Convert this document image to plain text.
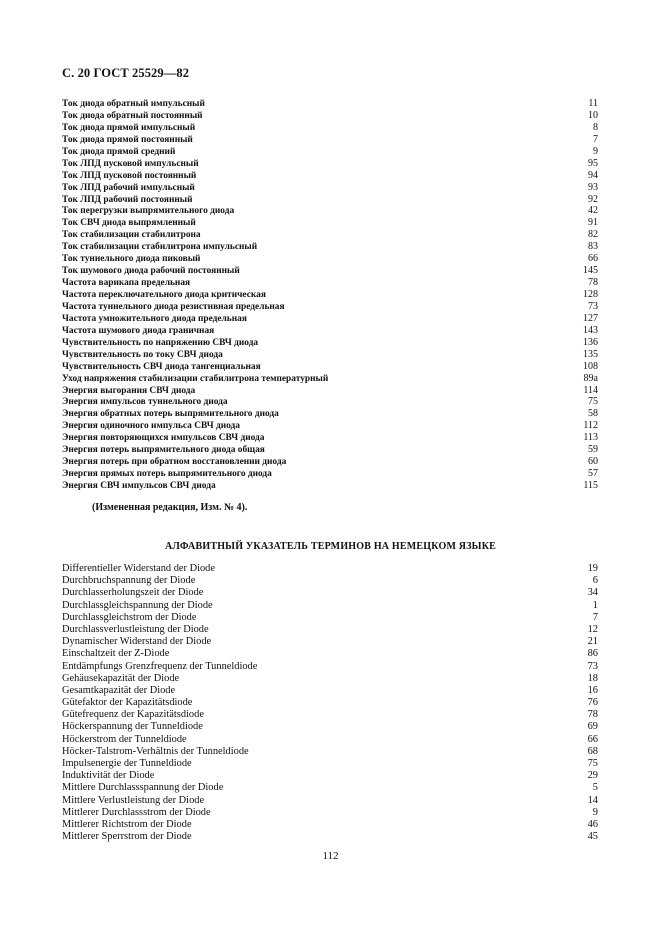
С. 20 ГОСТ 25529—82
Ток диода обратный импульсный	11
Ток диода обратный постоянный	10
Ток диода прямой импульсный	8
Ток диода прямой постоянный	7
Ток диода прямой средний	9
Ток ЛПД пусковой импульсный	95
Ток ЛПД пусковой постоянный	94
Ток ЛПД рабочий импульсный	93
Ток ЛПД рабочий постоянный	92
Ток перегрузки выпрямительного диода	42
Ток СВЧ диода выпрямленный	91
Ток стабилизации стабилитрона	82
Ток стабилизации стабилитрона импульсный	83
Ток туннельного диода пиковый	66
Ток шумового диода рабочий постоянный	145
Частота варикапа предельная	78
Частота переключательного диода критическая	128
Частота туннельного диода резистивная предельная	73
Частота умножительного диода предельная	127
Частота шумового диода граничная	143
Чувствительность по напряжению СВЧ диода	136
Чувствительность по току СВЧ диода	135
Чувствительность СВЧ диода тангенциальная	108
Уход напряжения стабилизации стабилитрона температурный	89а
Энергия выгорания СВЧ диода	114
Энергия импульсов туннельного диода	75
Энергия обратных потерь выпрямительного диода	58
Энергия одиночного импульса СВЧ диода	112
Энергия повторяющихся импульсов СВЧ диода	113
Энергия потерь выпрямительного диода общая	59
Энергия потерь при обратном восстановлении диода	60
Энергия прямых потерь выпрямительного диода	57
Энергия СВЧ импульсов СВЧ диода	115
(Измененная редакция, Изм. № 4).
АЛФАВИТНЫЙ УКАЗАТЕЛЬ ТЕРМИНОВ НА НЕМЕЦКОМ ЯЗЫКЕ
Differentieller Widerstand der Diode	19
Durchbruchspannung der Diode	6
Durchlasserholungszeit der Diode	34
Durchlassgleichspannung der Diode	1
Durchlassgleichstrom der Diode	7
Durchlassverlustleistung der Diode	12
Dynamischer Widerstand der Diode	21
Einschaltzeit der Z-Diode	86
Entdämpfungs Grenzfrequenz der Tunneldiode	73
Gehäusekapazität der Diode	18
Gesamtkapazität der Diode	16
Gütefaktor der Kapazitätsdiode	76
Gütefrequenz der Kapazitätsdiode	78
Höckerspannung der Tunneldiode	69
Höckerstrom der Tunneldiode	66
Höcker-Talstrom-Verhältnis der Tunneldiode	68
Impulsenergie der Tunneldiode	75
Induktivität der Diode	29
Mittlere Durchlassspannung der Diode	5
Mittlere Verlustleistung der Diode	14
Mittlerer Durchlassstrom der Diode	9
Mittlerer Richtstrom der Diode	46
Mittlerer Sperrstrom der Diode	45
112
